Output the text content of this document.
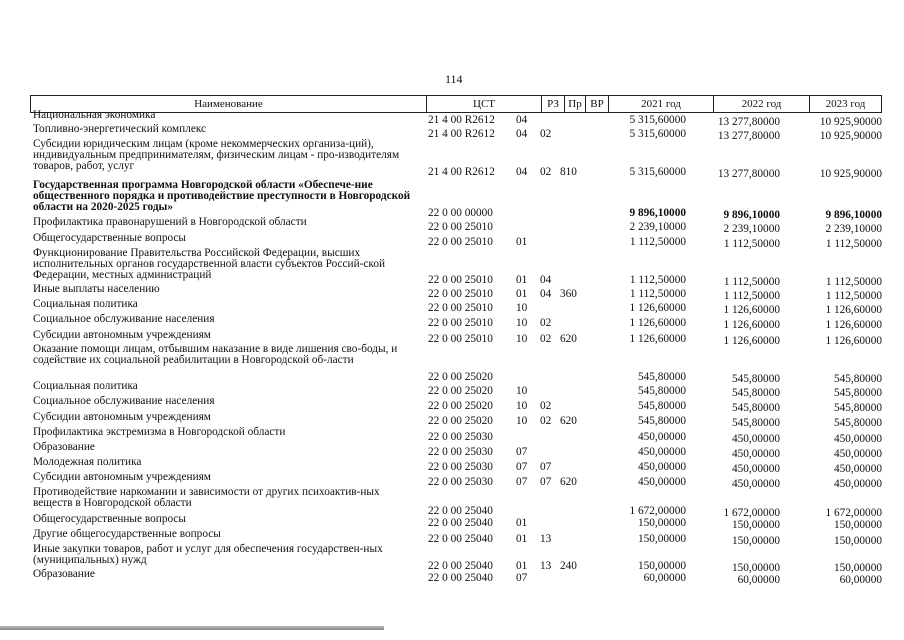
114
Наименование	ЦСТ	РЗ Пр ВР	2021 год	2022 год	2023 год
Национальная экономика	21 4 00 R2612 04	5 315,60000	13 277,80000	10 925,90000
Топливно-энергетический комплекс	21 4 00 R2612 04 02	5 315,60000	13 277,80000	10 925,90000
Субсидии юридическим лицам (кроме некоммерческих организа-ций), индивидуальным предпринимателям, физическим лицам - про-изводителям товаров, работ, услуг	21 4 00 R2612 04 02 810	5 315,60000	13 277,80000	10 925,90000
Государственная программа Новгородской области «Обеспече-ние общественного порядка и противодействие преступности в Новгородской области на 2020-2025 годы»	22 0 00 00000	9 896,10000	9 896,10000	9 896,10000
Профилактика правонарушений в Новгородской области	22 0 00 25010	2 239,10000	2 239,10000	2 239,10000
Общегосударственные вопросы	22 0 00 25010 01	1 112,50000	1 112,50000	1 112,50000
Функционирование Правительства Российской Федерации, высших исполнительных органов государственной власти субъектов Россий-ской Федерации, местных администраций	22 0 00 25010 01 04	1 112,50000	1 112,50000	1 112,50000
Иные выплаты населению	22 0 00 25010 01 04 360	1 112,50000	1 112,50000	1 112,50000
Социальная политика	22 0 00 25010 10	1 126,60000	1 126,60000	1 126,60000
Социальное обслуживание населения	22 0 00 25010 10 02	1 126,60000	1 126,60000	1 126,60000
Субсидии автономным учреждениям	22 0 00 25010 10 02 620	1 126,60000	1 126,60000	1 126,60000
Оказание помощи лицам, отбывшим наказание в виде лишения сво-боды, и содействие их социальной реабилитации в Новгородской об-ласти
22 0 00 25020	545,80000	545,80000	545,80000
Социальная политика	22 0 00 25020 10	545,80000	545,80000	545,80000
Социальное обслуживание населения	22 0 00 25020 10 02	545,80000	545,80000	545,80000
Субсидии автономным учреждениям	22 0 00 25020 10 02 620	545,80000	545,80000	545,80000
Профилактика экстремизма в Новгородской области	22 0 00 25030	450,00000	450,00000	450,00000
Образование	22 0 00 25030 07	450,00000	450,00000	450,00000
Молодежная политика	22 0 00 25030 07 07	450,00000	450,00000	450,00000
Субсидии автономным учреждениям	22 0 00 25030 07 07 620	450,00000	450,00000	450,00000
Противодействие наркомании и зависимости от других психоактив-ных веществ в Новгородской области
22 0 00 25040	1 672,00000	1 672,00000	1 672,00000
Общегосударственные вопросы	22 0 00 25040 01	150,00000	150,00000	150,00000
Другие общегосударственные вопросы	22 0 00 25040 01 13	150,00000	150,00000	150,00000
Иные закупки товаров, работ и услуг для обеспечения государствен-ных (муниципальных) нужд	22 0 00 25040 01 13 240	150,00000	150,00000	150,00000
Образование	22 0 00 25040 07	60,00000	60,00000	60,00000
